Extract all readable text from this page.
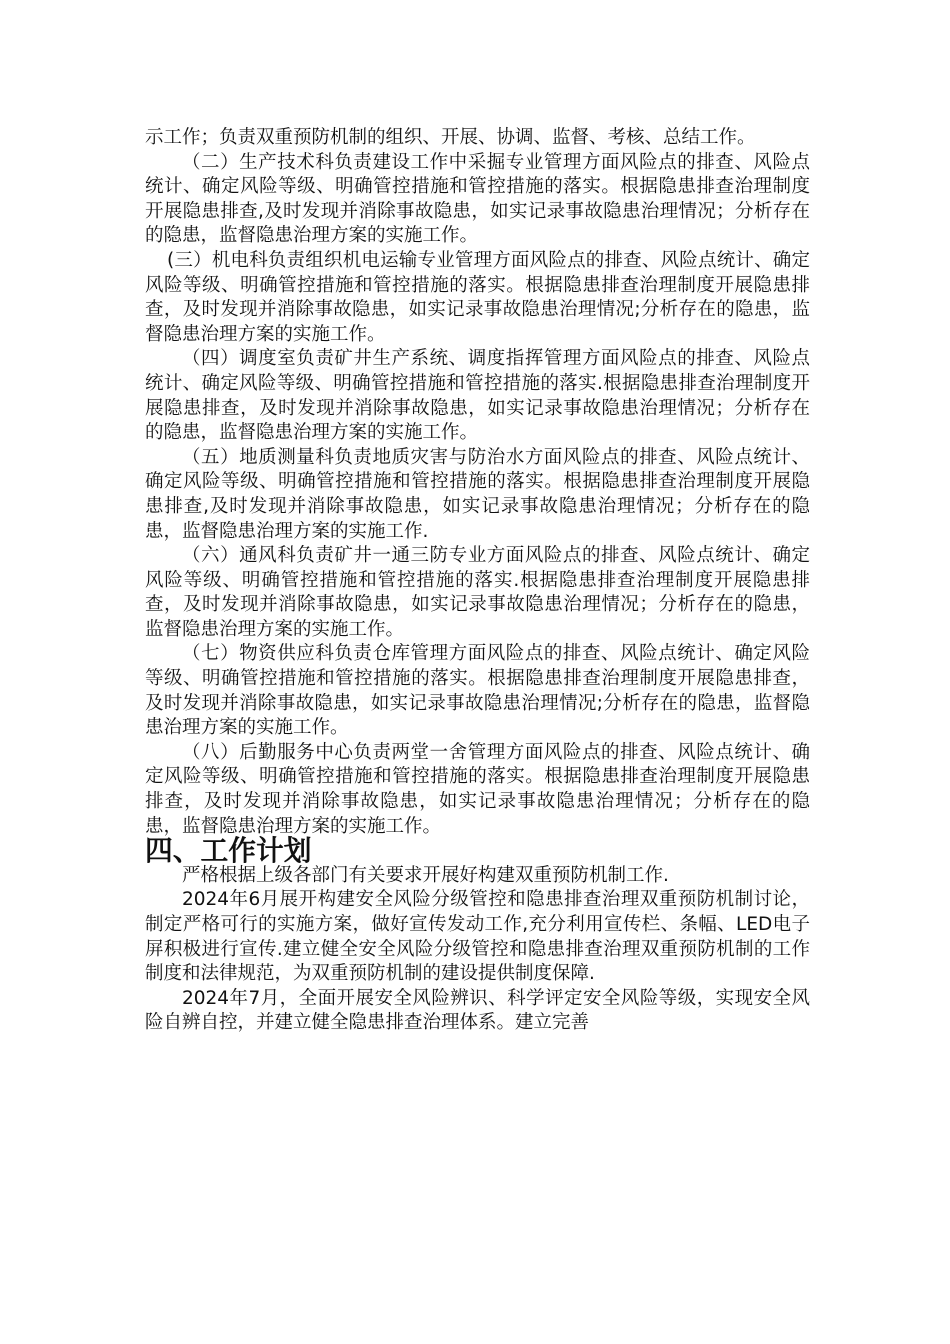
示工作；负责双重预防机制的组织、开展、协调、监督、考核、总结工作。

（二）生产技术科负责建设工作中采掘专业管理方面风险点的排查、风险点统计、确定风险等级、明确管控措施和管控措施的落实。根据隐患排查治理制度开展隐患排查,及时发现并消除事故隐患，如实记录事故隐患治理情况；分析存在的隐患，监督隐患治理方案的实施工作。

(三）机电科负责组织机电运输专业管理方面风险点的排查、风险点统计、确定风险等级、明确管控措施和管控措施的落实。根据隐患排查治理制度开展隐患排查，及时发现并消除事故隐患，如实记录事故隐患治理情况;分析存在的隐患，监督隐患治理方案的实施工作。

（四）调度室负责矿井生产系统、调度指挥管理方面风险点的排查、风险点统计、确定风险等级、明确管控措施和管控措施的落实.根据隐患排查治理制度开展隐患排查，及时发现并消除事故隐患，如实记录事故隐患治理情况；分析存在的隐患，监督隐患治理方案的实施工作。

（五）地质测量科负责地质灾害与防治水方面风险点的排查、风险点统计、确定风险等级、明确管控措施和管控措施的落实。根据隐患排查治理制度开展隐患排查,及时发现并消除事故隐患，如实记录事故隐患治理情况；分析存在的隐患，监督隐患治理方案的实施工作.

（六）通风科负责矿井一通三防专业方面风险点的排查、风险点统计、确定风险等级、明确管控措施和管控措施的落实.根据隐患排查治理制度开展隐患排查，及时发现并消除事故隐患，如实记录事故隐患治理情况；分析存在的隐患，监督隐患治理方案的实施工作。

（七）物资供应科负责仓库管理方面风险点的排查、风险点统计、确定风险等级、明确管控措施和管控措施的落实。根据隐患排查治理制度开展隐患排查，及时发现并消除事故隐患，如实记录事故隐患治理情况;分析存在的隐患，监督隐患治理方案的实施工作。

（八）后勤服务中心负责两堂一舍管理方面风险点的排查、风险点统计、确定风险等级、明确管控措施和管控措施的落实。根据隐患排查治理制度开展隐患排查，及时发现并消除事故隐患，如实记录事故隐患治理情况；分析存在的隐患，监督隐患治理方案的实施工作。

四、工作计划

严格根据上级各部门有关要求开展好构建双重预防机制工作.

2024年6月展开构建安全风险分级管控和隐患排查治理双重预防机制讨论，制定严格可行的实施方案，做好宣传发动工作,充分利用宣传栏、条幅、LED电子屏积极进行宣传.建立健全安全风险分级管控和隐患排查治理双重预防机制的工作制度和法律规范，为双重预防机制的建设提供制度保障.

2024年7月，全面开展安全风险辨识、科学评定安全风险等级，实现安全风险自辨自控，并建立健全隐患排查治理体系。建立完善
